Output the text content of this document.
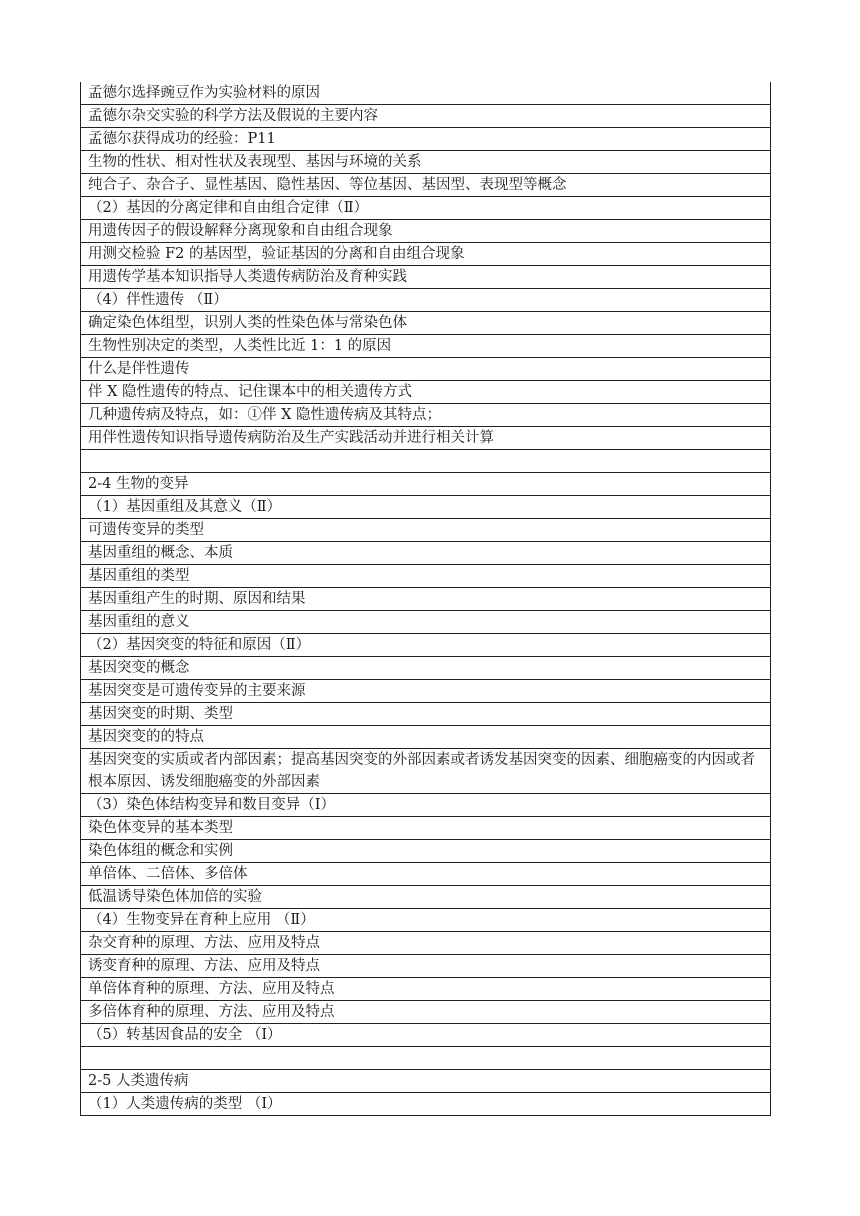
孟德尔选择豌豆作为实验材料的原因
孟德尔杂交实验的科学方法及假说的主要内容
孟德尔获得成功的经验：P11
生物的性状、相对性状及表现型、基因与环境的关系
纯合子、杂合子、显性基因、隐性基因、等位基因、基因型、表现型等概念
（2）基因的分离定律和自由组合定律（Ⅱ）
用遗传因子的假设解释分离现象和自由组合现象
用测交检验 F2 的基因型，验证基因的分离和自由组合现象
用遗传学基本知识指导人类遗传病防治及育种实践
（4）伴性遗传 （Ⅱ）
确定染色体组型，识别人类的性染色体与常染色体
生物性别决定的类型，人类性比近 1：1 的原因
什么是伴性遗传
伴 X 隐性遗传的特点、记住课本中的相关遗传方式
几种遗传病及特点，如：①伴 X 隐性遗传病及其特点；
用伴性遗传知识指导遗传病防治及生产实践活动并进行相关计算

2-4 生物的变异
（1）基因重组及其意义（Ⅱ）
可遗传变异的类型
基因重组的概念、本质
基因重组的类型
基因重组产生的时期、原因和结果
基因重组的意义
（2）基因突变的特征和原因（Ⅱ）
基因突变的概念
基因突变是可遗传变异的主要来源
基因突变的时期、类型
基因突变的的特点
基因突变的实质或者内部因素；提高基因突变的外部因素或者诱发基因突变的因素、细胞癌变的内因或者根本原因、诱发细胞癌变的外部因素
（3）染色体结构变异和数目变异（Ⅰ）
染色体变异的基本类型
染色体组的概念和实例
单倍体、二倍体、多倍体
低温诱导染色体加倍的实验
（4）生物变异在育种上应用 （Ⅱ）
杂交育种的原理、方法、应用及特点
诱变育种的原理、方法、应用及特点
单倍体育种的原理、方法、应用及特点
多倍体育种的原理、方法、应用及特点
（5）转基因食品的安全 （Ⅰ）

2-5 人类遗传病
（1）人类遗传病的类型 （Ⅰ）
